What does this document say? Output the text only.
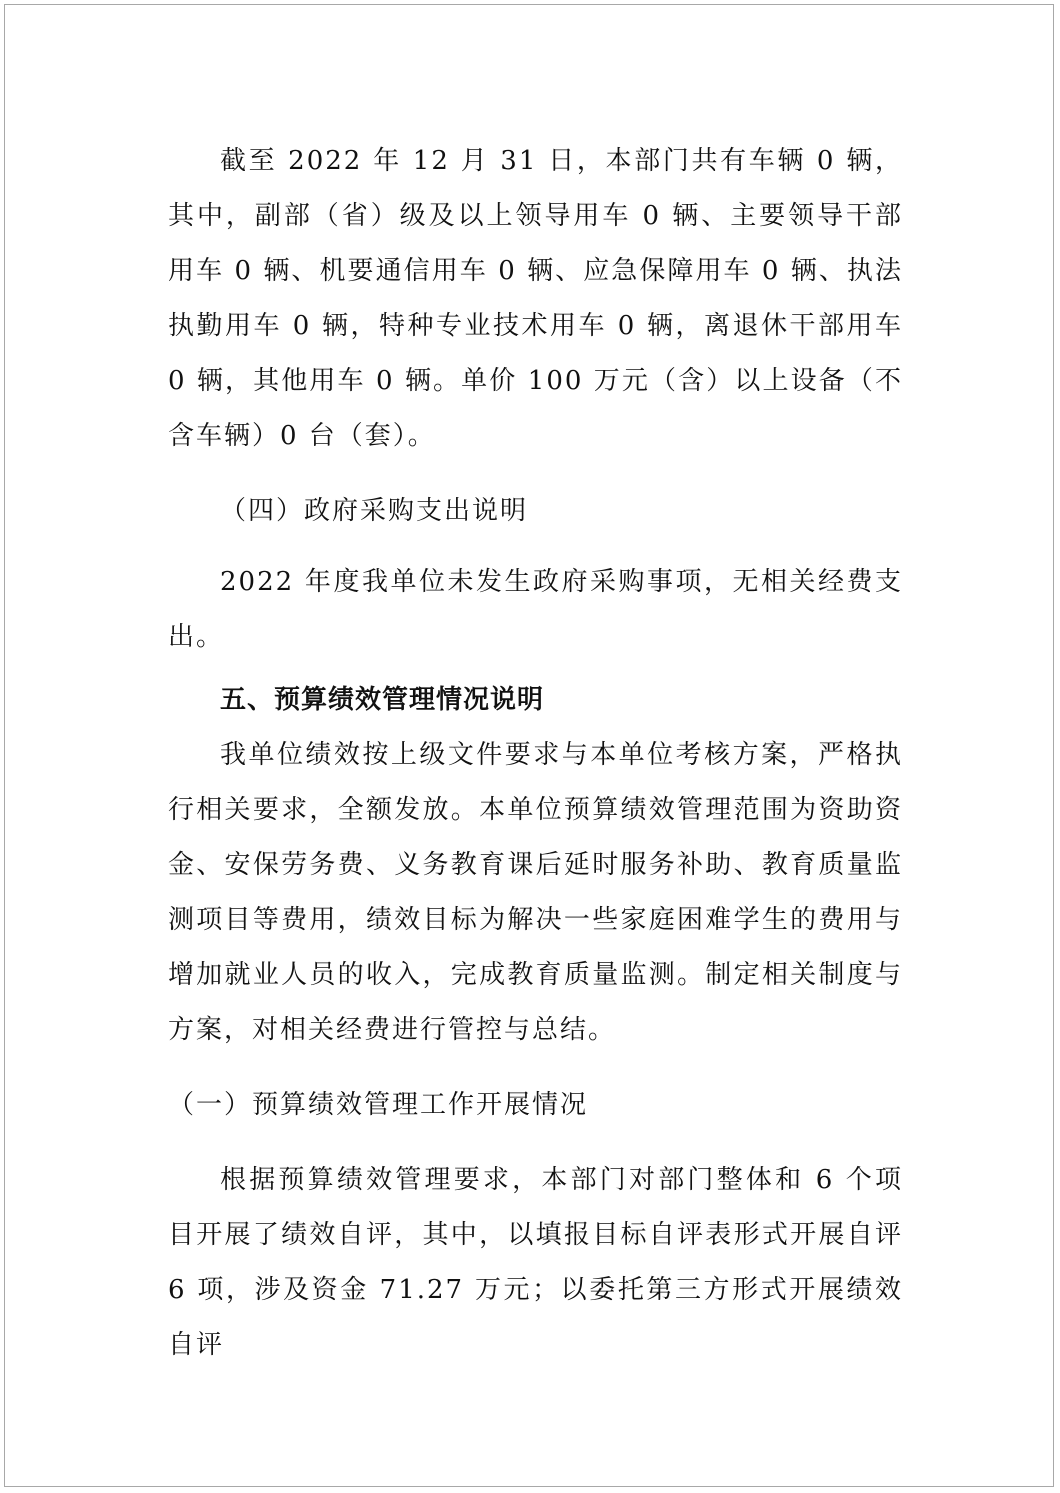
截至 2022 年 12 月 31 日，本部门共有车辆 0 辆，其中，副部（省）级及以上领导用车 0 辆、主要领导干部用车 0 辆、机要通信用车 0 辆、应急保障用车 0 辆、执法执勤用车 0 辆，特种专业技术用车 0 辆，离退休干部用车 0 辆，其他用车 0 辆。单价 100 万元（含）以上设备（不含车辆）0 台（套）。

（四）政府采购支出说明

2022 年度我单位未发生政府采购事项，无相关经费支出。

五、预算绩效管理情况说明

我单位绩效按上级文件要求与本单位考核方案，严格执行相关要求，全额发放。本单位预算绩效管理范围为资助资金、安保劳务费、义务教育课后延时服务补助、教育质量监测项目等费用，绩效目标为解决一些家庭困难学生的费用与增加就业人员的收入，完成教育质量监测。制定相关制度与方案，对相关经费进行管控与总结。

（一）预算绩效管理工作开展情况

根据预算绩效管理要求，本部门对部门整体和 6 个项目开展了绩效自评，其中，以填报目标自评表形式开展自评 6 项，涉及资金 71.27 万元；以委托第三方形式开展绩效自评
